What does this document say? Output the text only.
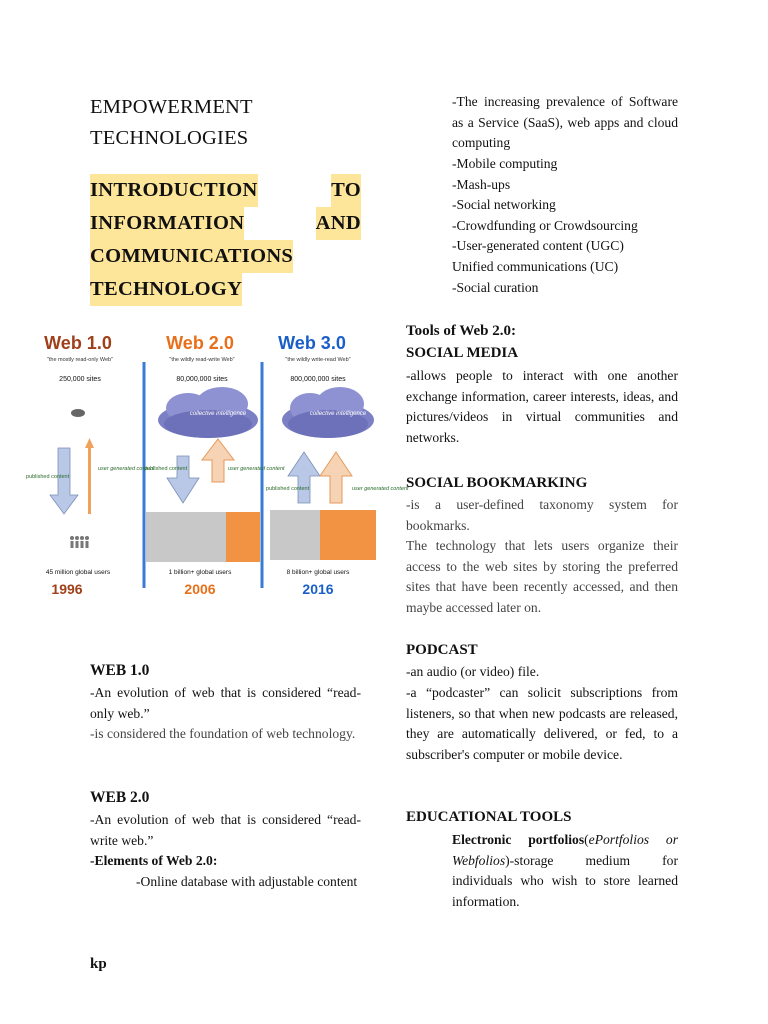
EMPOWERMENT
TECHNOLOGIES
INTRODUCTION	TO
INFORMATION	AND
COMMUNICATIONS
TECHNOLOGY
Web 1.0
"the mostly read-only Web"
250,000 sites
published content
user generated content
45 million global users
1996
Web 2.0
"the wildly read-write Web"
80,000,000 sites
collective intelligence
published content	user generated content
1 billion+ global users
2006
Web 3.0
"the wildly write-read Web"
800,000,000 sites
collective intelligence
published content	user generated content
8 billion+ global users
2016
WEB 1.0
-An evolution of web that is considered “read-only web.”
-is considered the foundation of web technology.
WEB 2.0
-An evolution of web that is considered “read-write web.”
-Elements of Web 2.0:
-Online database with adjustable content
-The increasing prevalence of Software as a Service (SaaS), web apps and cloud computing
-Mobile computing
-Mash-ups
-Social networking
-Crowdfunding or Crowdsourcing
-User-generated content (UGC)
Unified communications (UC)
-Social curation
Tools of Web 2.0:
SOCIAL MEDIA
-allows people to interact with one another exchange information, career interests, ideas, and pictures/videos in virtual communities and networks.
SOCIAL BOOKMARKING
-is a user-defined taxonomy system for bookmarks.
The technology that lets users organize their access to the web sites by storing the preferred sites that have been recently accessed, and then maybe accessed later on.
PODCAST
-an audio (or video) file.
-a “podcaster” can solicit subscriptions from listeners, so that when new podcasts are released, they are automatically delivered, or fed, to a subscriber's computer or mobile device.
EDUCATIONAL TOOLS
Electronic portfolios(ePortfolios or Webfolios)-storage medium for individuals who wish to store learned information.
kp
